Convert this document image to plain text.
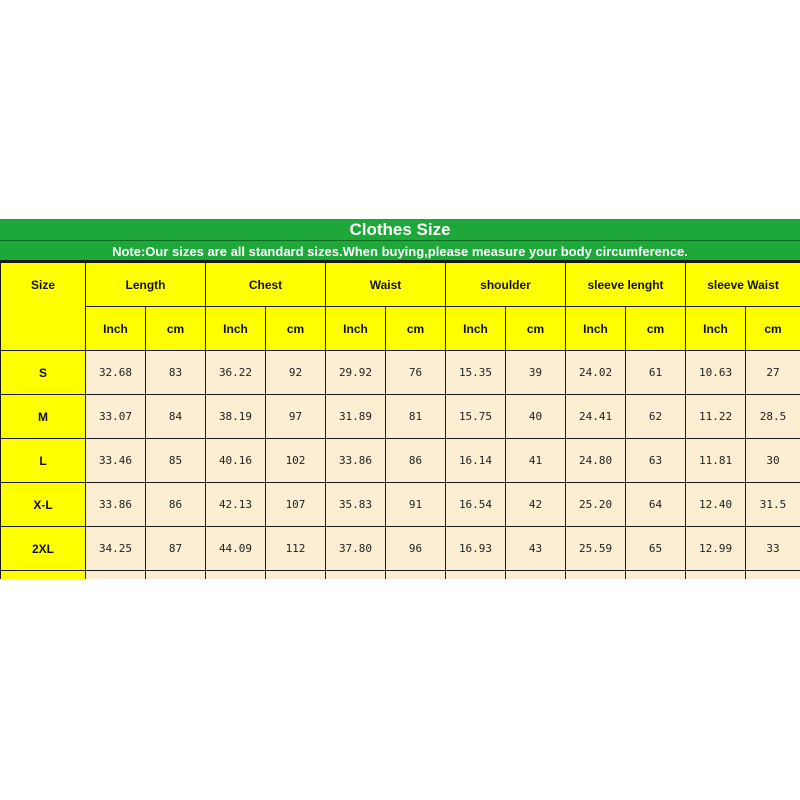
Clothes Size
Note:Our sizes are all standard sizes.When buying,please measure your body circumference.
Size	Length		Chest		Waist		shoulder		sleeve lenght		sleeve Waist	
	Inch	cm	Inch	cm	Inch	cm	Inch	cm	Inch	cm	Inch	cm
S	32.68	83	36.22	92	29.92	76	15.35	39	24.02	61	10.63	27
M	33.07	84	38.19	97	31.89	81	15.75	40	24.41	62	11.22	28.5
L	33.46	85	40.16	102	33.86	86	16.14	41	24.80	63	11.81	30
X-L	33.86	86	42.13	107	35.83	91	16.54	42	25.20	64	12.40	31.5
2XL	34.25	87	44.09	112	37.80	96	16.93	43	25.59	65	12.99	33
